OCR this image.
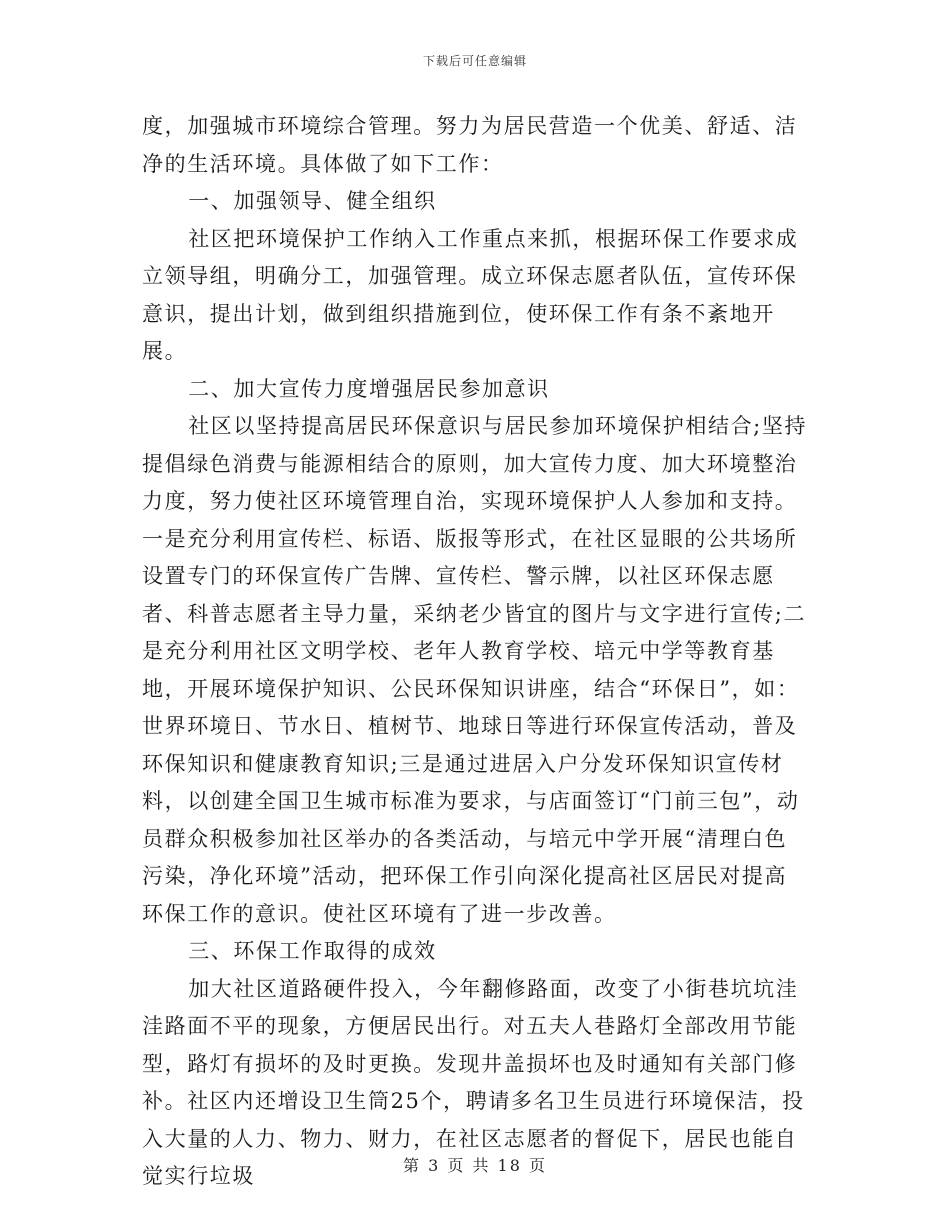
下载后可任意编辑

度，加强城市环境综合管理。努力为居民营造一个优美、舒适、洁净的生活环境。具体做了如下工作：

一、加强领导、健全组织

社区把环境保护工作纳入工作重点来抓，根据环保工作要求成立领导组，明确分工，加强管理。成立环保志愿者队伍，宣传环保意识，提出计划，做到组织措施到位，使环保工作有条不紊地开展。

二、加大宣传力度增强居民参加意识

社区以坚持提高居民环保意识与居民参加环境保护相结合;坚持提倡绿色消费与能源相结合的原则，加大宣传力度、加大环境整治力度，努力使社区环境管理自治，实现环境保护人人参加和支持。一是充分利用宣传栏、标语、版报等形式，在社区显眼的公共场所设置专门的环保宣传广告牌、宣传栏、警示牌，以社区环保志愿者、科普志愿者主导力量，采纳老少皆宜的图片与文字进行宣传;二是充分利用社区文明学校、老年人教育学校、培元中学等教育基地，开展环境保护知识、公民环保知识讲座，结合“环保日”，如：世界环境日、节水日、植树节、地球日等进行环保宣传活动，普及环保知识和健康教育知识;三是通过进居入户分发环保知识宣传材料，以创建全国卫生城市标准为要求，与店面签订“门前三包”，动员群众积极参加社区举办的各类活动，与培元中学开展“清理白色污染，净化环境”活动，把环保工作引向深化提高社区居民对提高环保工作的意识。使社区环境有了进一步改善。

三、环保工作取得的成效

加大社区道路硬件投入，今年翻修路面，改变了小街巷坑坑洼洼路面不平的现象，方便居民出行。对五夫人巷路灯全部改用节能型，路灯有损坏的及时更换。发现井盖损坏也及时通知有关部门修补。社区内还增设卫生筒25个，聘请多名卫生员进行环境保洁，投入大量的人力、物力、财力，在社区志愿者的督促下，居民也能自觉实行垃圾	第 3 页 共 18 页
